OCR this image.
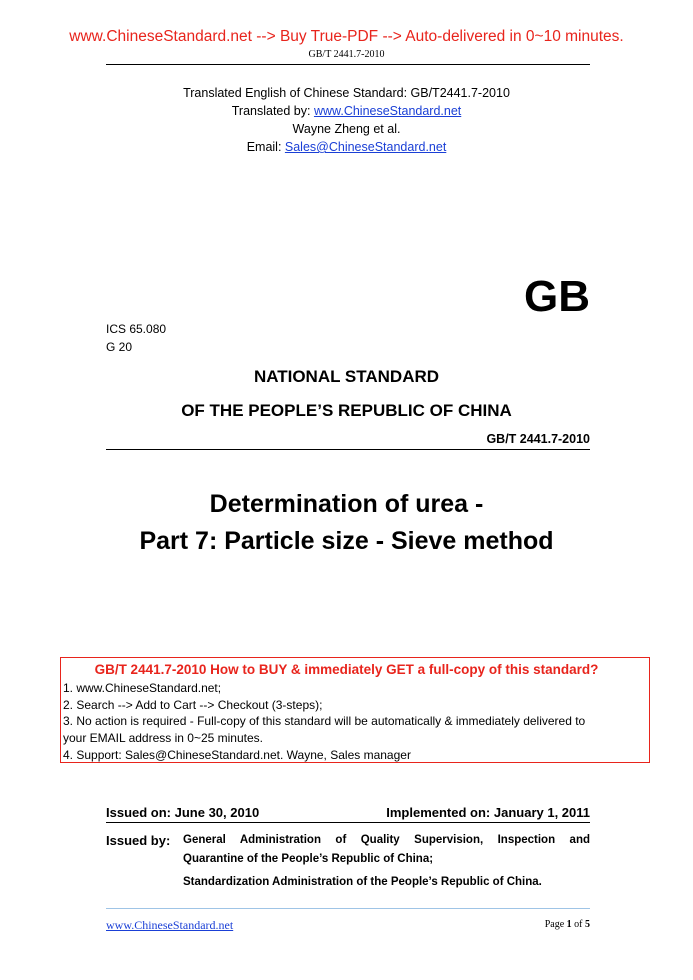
www.ChineseStandard.net --> Buy True-PDF --> Auto-delivered in 0~10 minutes.
GB/T 2441.7-2010
Translated English of Chinese Standard: GB/T2441.7-2010
Translated by: www.ChineseStandard.net
Wayne Zheng et al.
Email: Sales@ChineseStandard.net
GB
ICS 65.080
G 20
NATIONAL STANDARD
OF THE PEOPLE’S REPUBLIC OF CHINA
GB/T 2441.7-2010
Determination of urea -
Part 7: Particle size - Sieve method
GB/T 2441.7-2010 How to BUY & immediately GET a full-copy of this standard?
1. www.ChineseStandard.net;
2. Search --> Add to Cart --> Checkout (3-steps);
3. No action is required - Full-copy of this standard will be automatically & immediately delivered to
your EMAIL address in 0~25 minutes.
4. Support: Sales@ChineseStandard.net. Wayne, Sales manager
Issued on: June 30, 2010	Implemented on: January 1, 2011
Issued by: General Administration of Quality Supervision, Inspection and
Quarantine of the People’s Republic of China;
Standardization Administration of the People’s Republic of China.
www.ChineseStandard.net	Page 1 of 5
